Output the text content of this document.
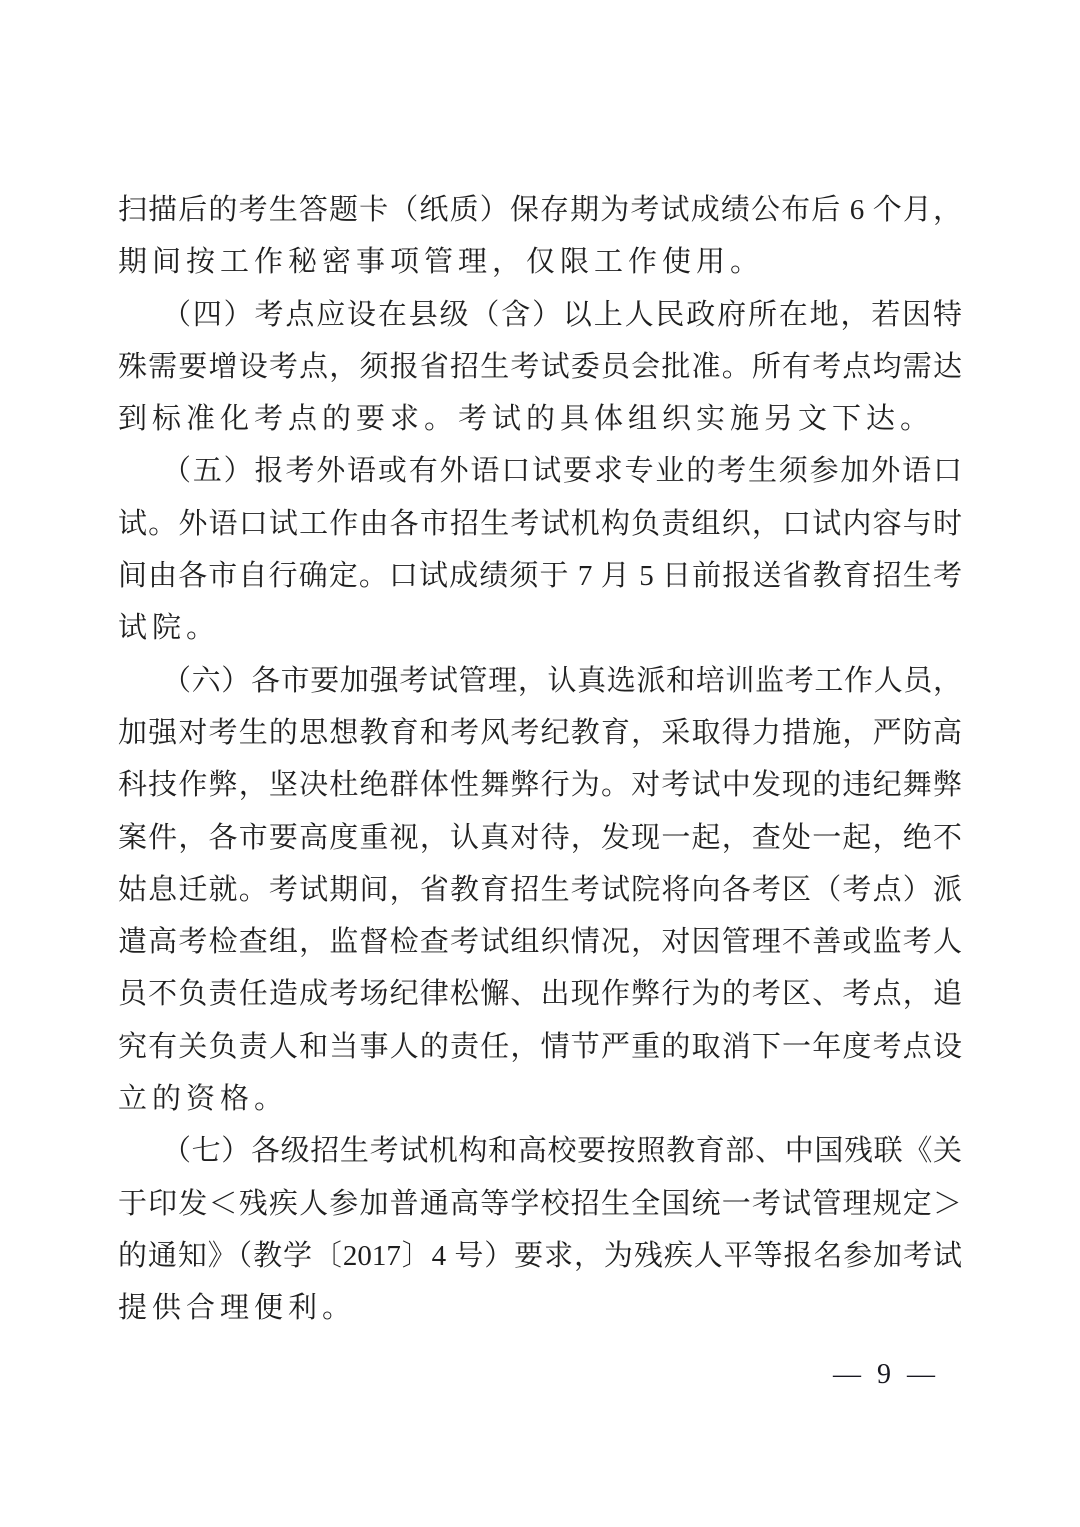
扫描后的考生答题卡（纸质）保存期为考试成绩公布后 6 个月，
期间按工作秘密事项管理，仅限工作使用。
（四）考点应设在县级（含）以上人民政府所在地，若因特
殊需要增设考点，须报省招生考试委员会批准。所有考点均需达
到标准化考点的要求。考试的具体组织实施另文下达。
（五）报考外语或有外语口试要求专业的考生须参加外语口
试。外语口试工作由各市招生考试机构负责组织，口试内容与时
间由各市自行确定。口试成绩须于 7 月 5 日前报送省教育招生考
试院。
（六）各市要加强考试管理，认真选派和培训监考工作人员，
加强对考生的思想教育和考风考纪教育，采取得力措施，严防高
科技作弊，坚决杜绝群体性舞弊行为。对考试中发现的违纪舞弊
案件，各市要高度重视，认真对待，发现一起，查处一起，绝不
姑息迁就。考试期间，省教育招生考试院将向各考区（考点）派
遣高考检查组，监督检查考试组织情况，对因管理不善或监考人
员不负责任造成考场纪律松懈、出现作弊行为的考区、考点，追
究有关负责人和当事人的责任，情节严重的取消下一年度考点设
立的资格。
（七）各级招生考试机构和高校要按照教育部、中国残联《关
于印发＜残疾人参加普通高等学校招生全国统一考试管理规定＞
的通知》（教学〔2017〕4 号）要求，为残疾人平等报名参加考试
提供合理便利。
— 9 —
